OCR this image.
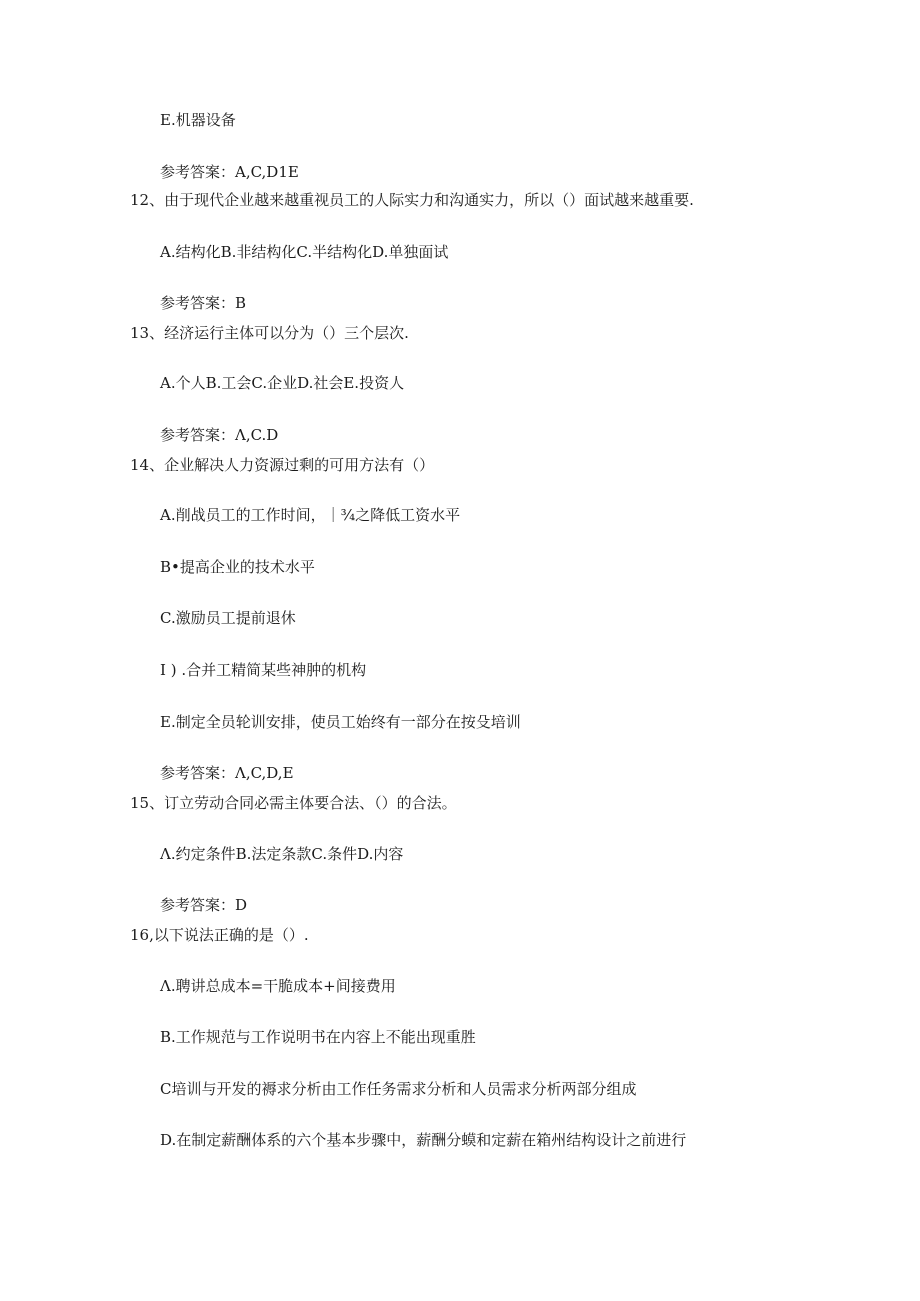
E.机器设备
参考答案：A,C,D1E
12、由于现代企业越来越重视员工的人际实力和沟通实力，所以（）面试越来越重要.
A.结构化B.非结构化C.半结构化D.单独面试
参考答案：B
13、经济运行主体可以分为（）三个层次.
A.个人B.工会C.企业D.社会E.投资人
参考答案：Λ,C.D
14、企业解决人力资源过剩的可用方法有（）
A.削战员工的工作时间，｜¾之降低工资水平
B•提高企业的技术水平
C.激励员工提前退休
I ) .合并工精简某些神肿的机构
E.制定全员轮训安排，使员工始终有一部分在按殳培训
参考答案：Λ,C,D,E
15、订立劳动合同必需主体要合法、（）的合法。
Λ.约定条件B.法定条款C.条件D.内容
参考答案：D
16,以下说法正确的是（）.
Λ.聘讲总成本=干脆成本+间接费用
B.工作规范与工作说明书在内容上不能出现重胜
C培训与开发的褥求分析由工作任务需求分析和人员需求分析两部分组成
D.在制定薪酬体系的六个基本步骤中，薪酬分蟆和定薪在箱州结构设计之前进行
